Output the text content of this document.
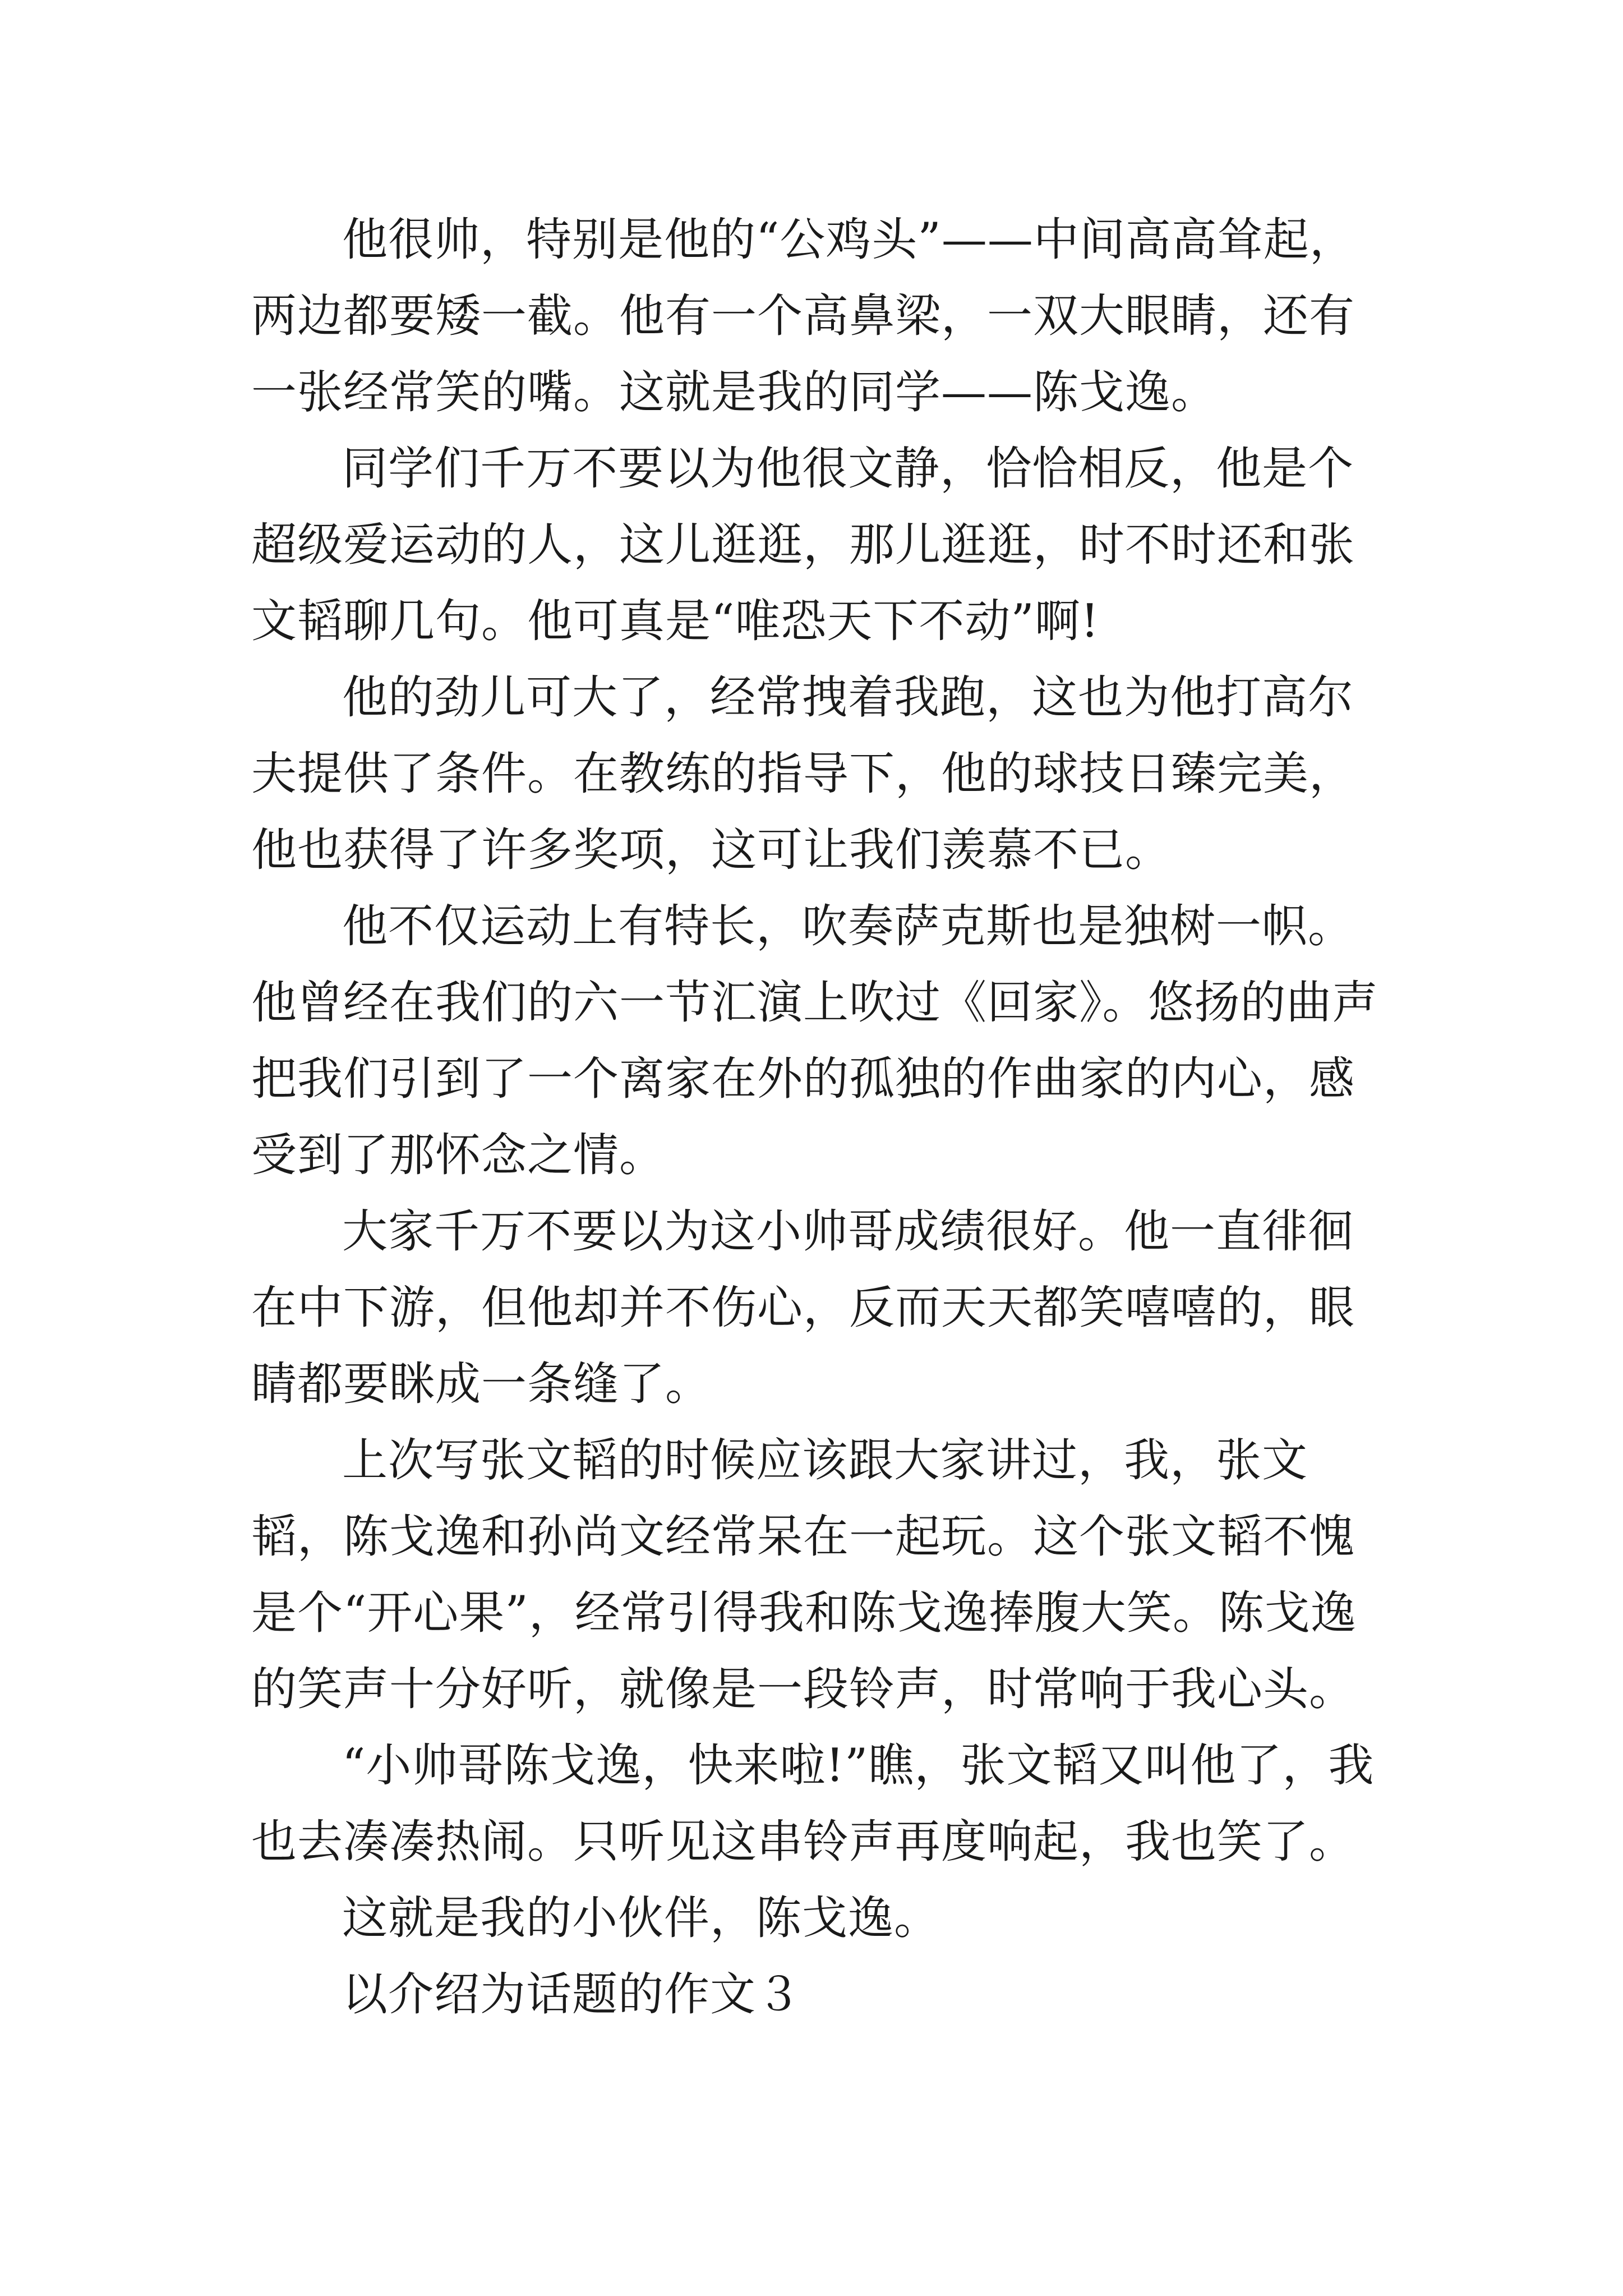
他很帅，特别是他的“公鸡头”——中间高高耸起，两边都要矮一截。他有一个高鼻梁，一双大眼睛，还有一张经常笑的嘴。这就是我的同学——陈戈逸。

同学们千万不要以为他很文静，恰恰相反，他是个超级爱运动的人，这儿逛逛，那儿逛逛，时不时还和张文韬聊几句。他可真是“唯恐天下不动”啊!

他的劲儿可大了，经常拽着我跑，这也为他打高尔夫提供了条件。在教练的指导下，他的球技日臻完美，他也获得了许多奖项，这可让我们羡慕不已。

他不仅运动上有特长，吹奏萨克斯也是独树一帜。他曾经在我们的六一节汇演上吹过《回家》。悠扬的曲声把我们引到了一个离家在外的孤独的作曲家的内心，感受到了那怀念之情。

大家千万不要以为这小帅哥成绩很好。他一直徘徊在中下游，但他却并不伤心，反而天天都笑嘻嘻的，眼睛都要眯成一条缝了。

上次写张文韬的时候应该跟大家讲过，我，张文韬，陈戈逸和孙尚文经常呆在一起玩。这个张文韬不愧是个“开心果”，经常引得我和陈戈逸捧腹大笑。陈戈逸的笑声十分好听，就像是一段铃声，时常响于我心头。

“小帅哥陈戈逸，快来啦!”瞧，张文韬又叫他了，我也去凑凑热闹。只听见这串铃声再度响起，我也笑了。

这就是我的小伙伴，陈戈逸。

以介绍为话题的作文３
